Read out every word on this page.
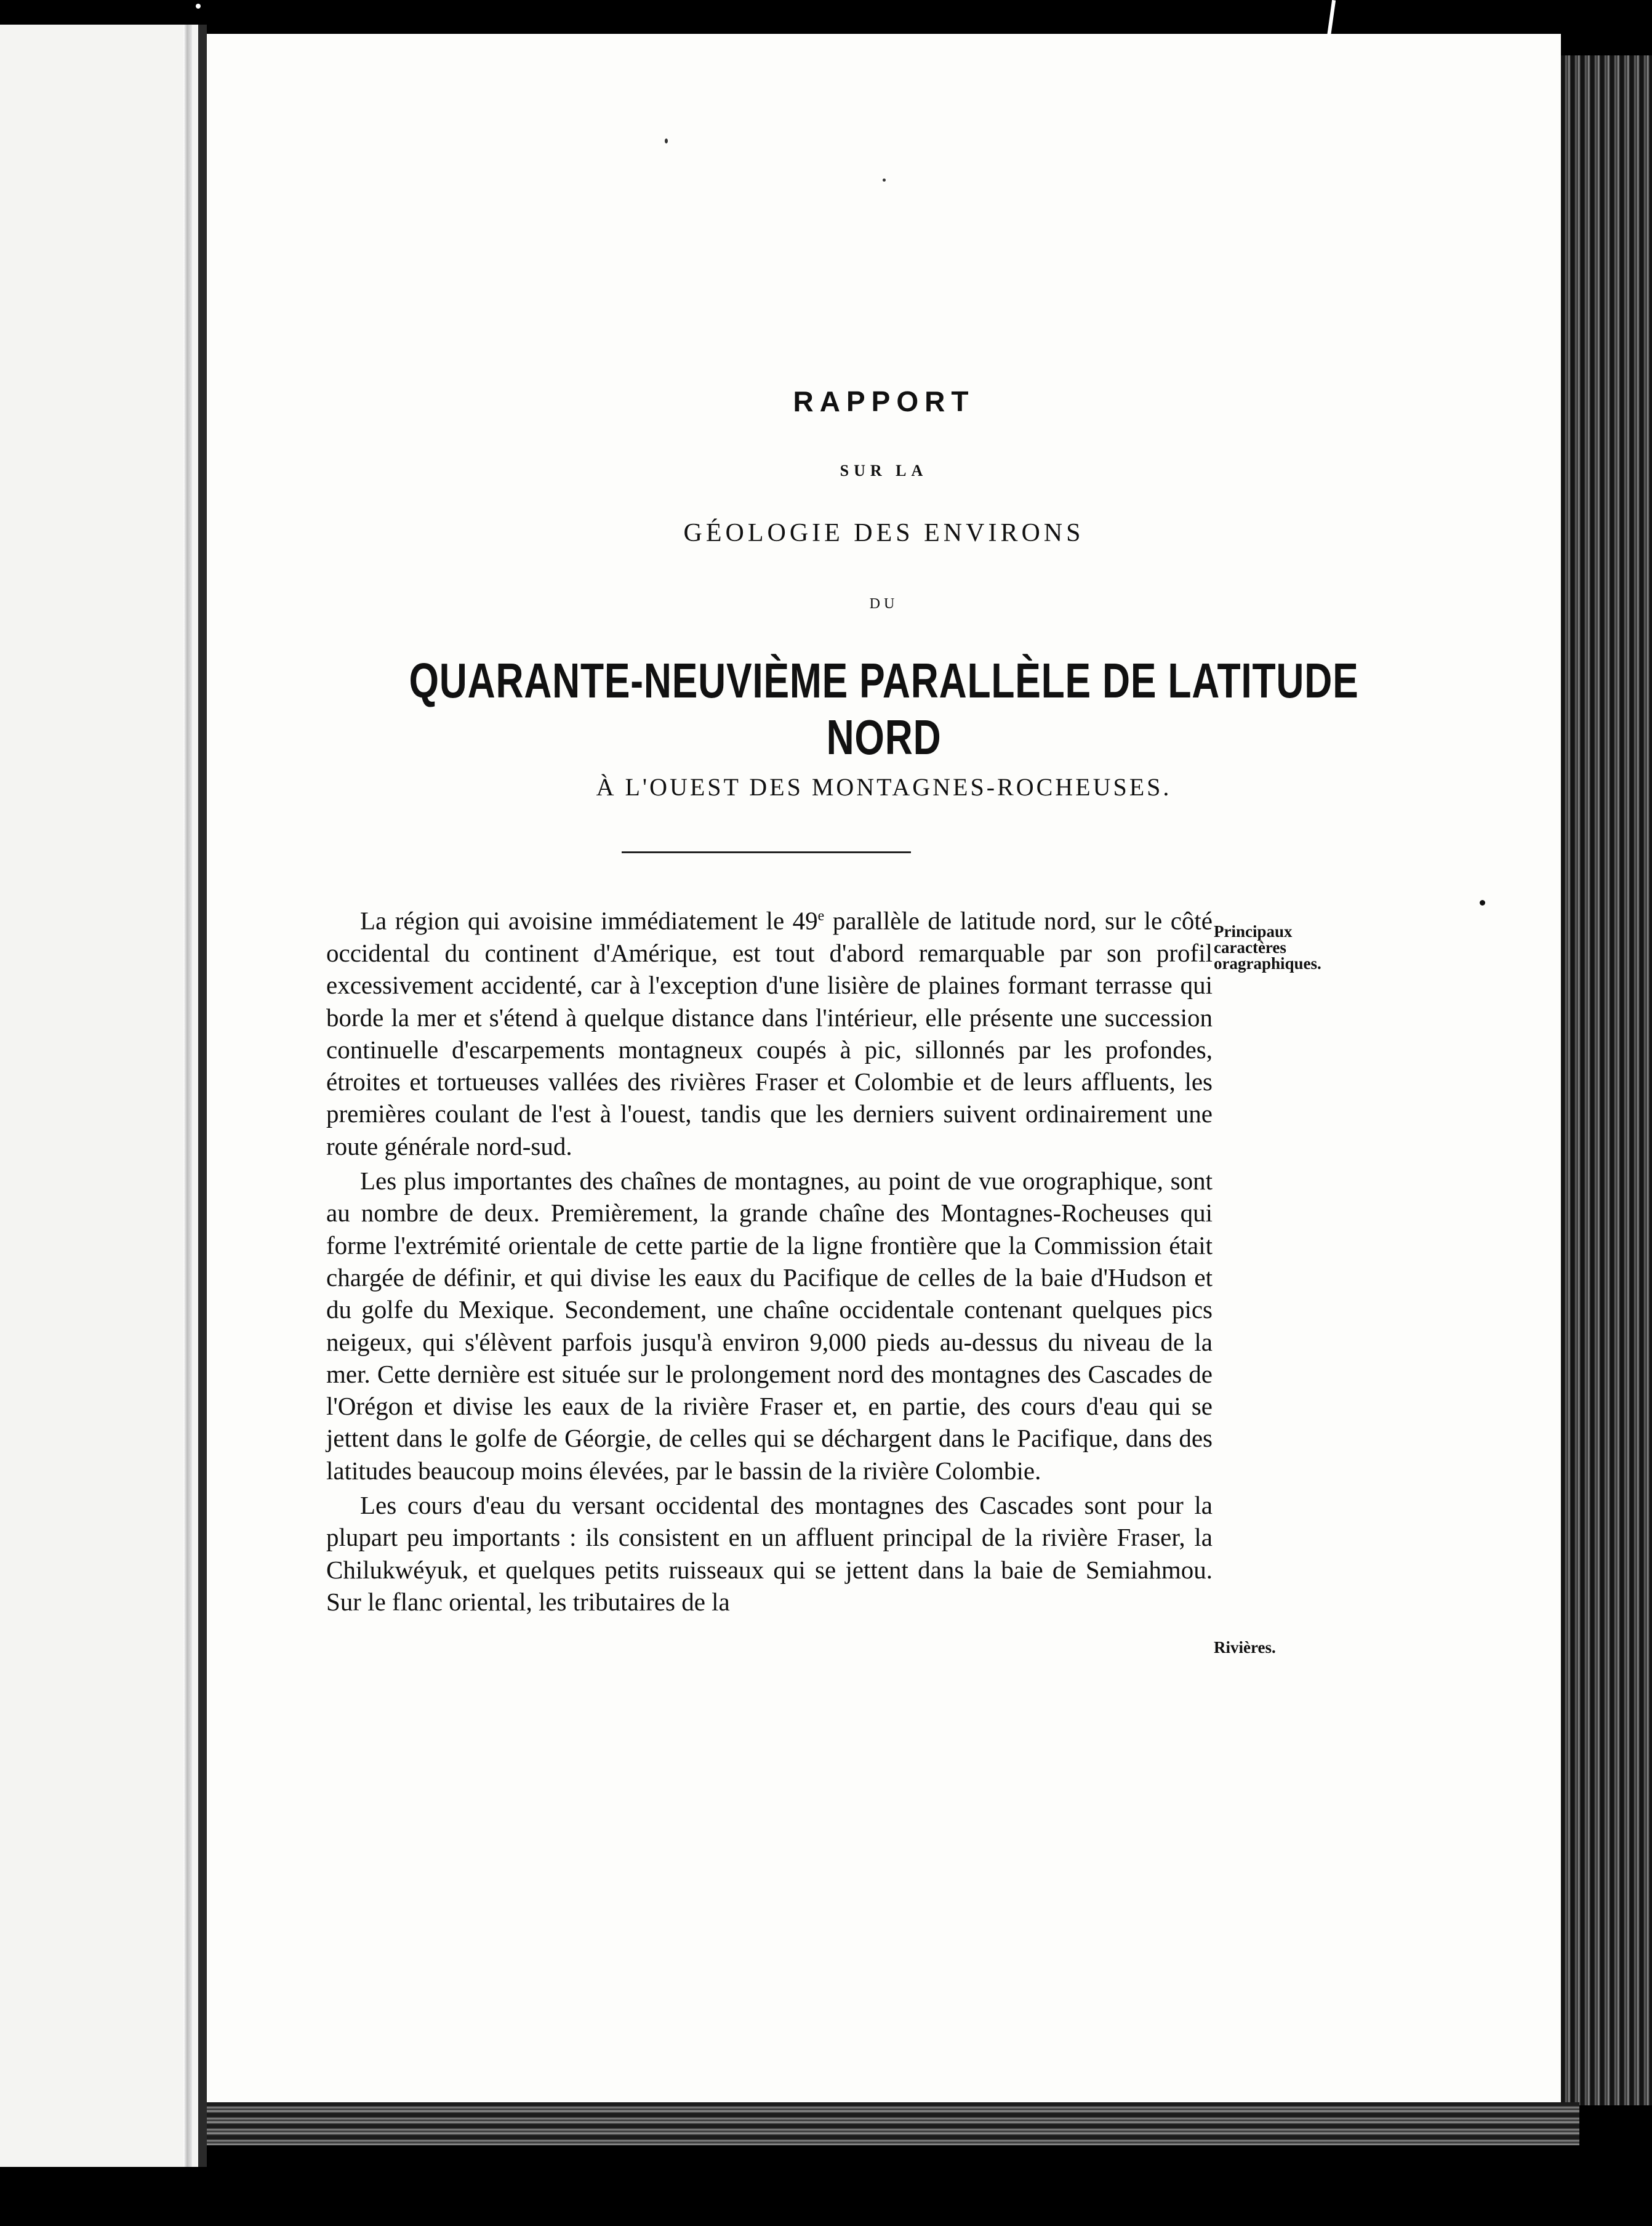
RAPPORT
SUR LA
GÉOLOGIE DES ENVIRONS
DU
QUARANTE-NEUVIÈME PARALLÈLE DE LATITUDE NORD
À L'OUEST DES MONTAGNES-ROCHEUSES.

La région qui avoisine immédiatement le 49e parallèle de latitude nord, sur le côté occidental du continent d'Amérique, est tout d'abord remarquable par son profil excessivement accidenté, car à l'exception d'une lisière de plaines formant terrasse qui borde la mer et s'étend à quelque distance dans l'intérieur, elle présente une succession continuelle d'escarpements montagneux coupés à pic, sillonnés par les profondes, étroites et tortueuses vallées des rivières Fraser et Colombie et de leurs affluents, les premières coulant de l'est à l'ouest, tandis que les derniers suivent ordinairement une route générale nord-sud.

Les plus importantes des chaînes de montagnes, au point de vue orographique, sont au nombre de deux. Premièrement, la grande chaîne des Montagnes-Rocheuses qui forme l'extrémité orientale de cette partie de la ligne frontière que la Commission était chargée de définir, et qui divise les eaux du Pacifique de celles de la baie d'Hudson et du golfe du Mexique. Secondement, une chaîne occidentale contenant quelques pics neigeux, qui s'élèvent parfois jusqu'à environ 9,000 pieds au-dessus du niveau de la mer. Cette dernière est située sur le prolongement nord des montagnes des Cascades de l'Orégon et divise les eaux de la rivière Fraser et, en partie, des cours d'eau qui se jettent dans le golfe de Géorgie, de celles qui se déchargent dans le Pacifique, dans des latitudes beaucoup moins élevées, par le bassin de la rivière Colombie.

Les cours d'eau du versant occidental des montagnes des Cascades sont pour la plupart peu importants : ils consistent en un affluent principal de la rivière Fraser, la Chilukwéyuk, et quelques petits ruisseaux qui se jettent dans la baie de Semiahmou. Sur le flanc oriental, les tributaires de la

Principaux caractères oragraphiques.
Rivières.
